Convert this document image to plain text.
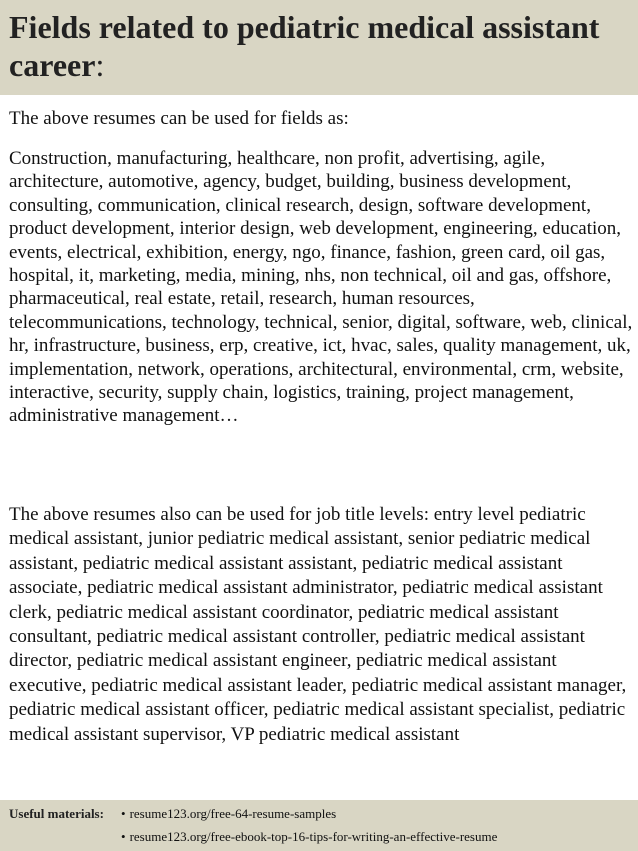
Fields related to pediatric medical assistant career:

The above resumes can be used for fields as:

Construction, manufacturing, healthcare, non profit, advertising, agile, architecture, automotive, agency, budget, building, business development, consulting, communication, clinical research, design, software development, product development, interior design, web development, engineering, education, events, electrical, exhibition, energy, ngo, finance, fashion, green card, oil gas, hospital, it, marketing, media, mining, nhs, non technical, oil and gas, offshore, pharmaceutical, real estate, retail, research, human resources, telecommunications, technology, technical, senior, digital, software, web, clinical, hr, infrastructure, business, erp, creative, ict, hvac, sales, quality management, uk, implementation, network, operations, architectural, environmental, crm, website, interactive, security, supply chain, logistics, training, project management, administrative management…

The above resumes also can be used for job title levels: entry level pediatric medical assistant, junior pediatric medical assistant, senior pediatric medical assistant, pediatric medical assistant assistant, pediatric medical assistant associate, pediatric medical assistant administrator, pediatric medical assistant clerk, pediatric medical assistant coordinator, pediatric medical assistant consultant, pediatric medical assistant controller, pediatric medical assistant director, pediatric medical assistant engineer, pediatric medical assistant executive, pediatric medical assistant leader, pediatric medical assistant manager, pediatric medical assistant officer, pediatric medical assistant specialist, pediatric medical assistant supervisor, VP pediatric medical assistant

Useful materials: • resume123.org/free-64-resume-samples
• resume123.org/free-ebook-top-16-tips-for-writing-an-effective-resume
